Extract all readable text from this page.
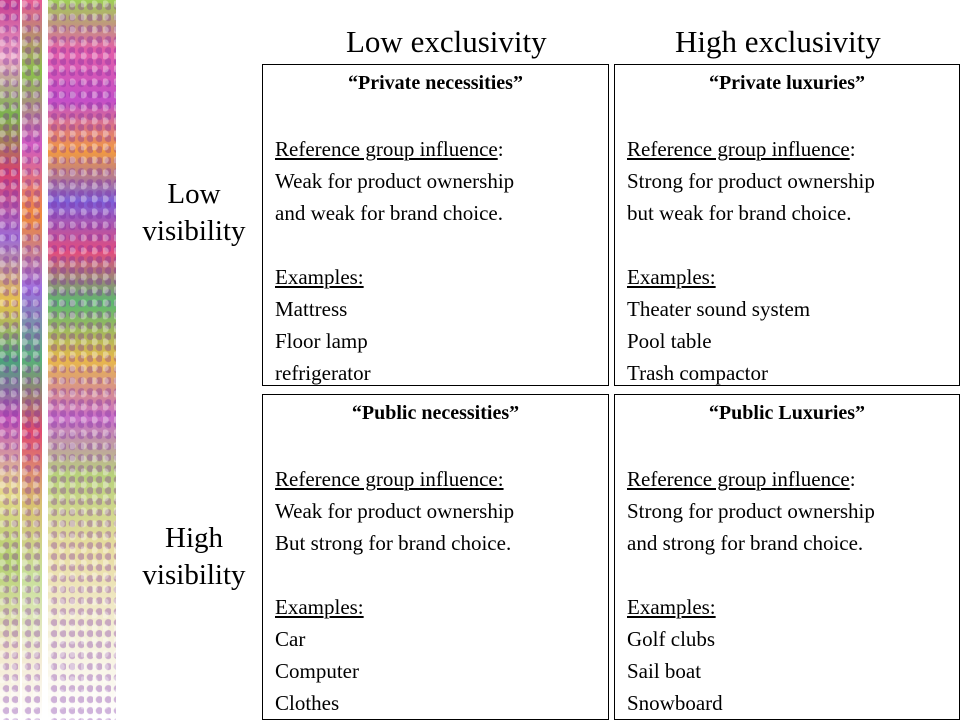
Low exclusivity	High exclusivity
Low
visibility
High
visibility
“Private necessities”
Reference group influence:
Weak for product ownership
and weak for brand choice.
Examples:
Mattress
Floor lamp
refrigerator
“Private luxuries”
Reference group influence:
Strong for product ownership
but weak for brand choice.
Examples:
Theater sound system
Pool table
Trash compactor
“Public necessities”
Reference group influence:
Weak for product ownership
But strong for brand choice.
Examples:
Car
Computer
Clothes
“Public Luxuries”
Reference group influence:
Strong for product ownership
and strong for brand choice.
Examples:
Golf clubs
Sail boat
Snowboard
